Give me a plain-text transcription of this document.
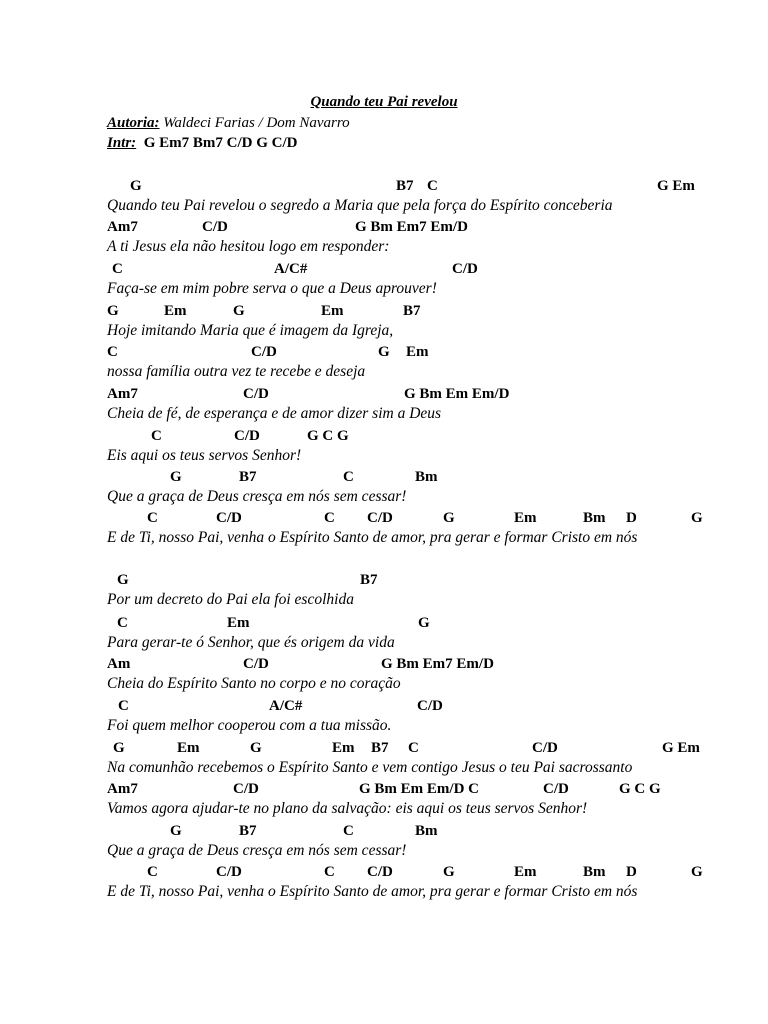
Quando teu Pai revelou
Autoria: Waldeci Farias / Dom Navarro
Intr:  G Em7 Bm7 C/D G C/D
G	B7 C	G Em
Quando teu Pai revelou o segredo a Maria que pela força do Espírito conceberia
Am7	C/D	G Bm Em7 Em/D
A ti Jesus ela não hesitou logo em responder:
C	A/C#	C/D
Faça-se em mim pobre serva o que a Deus aprouver!
G	Em	G	Em	B7
Hoje imitando Maria que é imagem da Igreja,
C	C/D	G Em
nossa família outra vez te recebe e deseja
Am7	C/D	G Bm Em Em/D
Cheia de fé, de esperança e de amor dizer sim a Deus
C	C/D	G C G
Eis aqui os teus servos Senhor!
G	B7	C	Bm
Que a graça de Deus cresça em nós sem cessar!
C	C/D	C C/D	G	Em	Bm D	G
E de Ti, nosso Pai, venha o Espírito Santo de amor, pra gerar e formar Cristo em nós
G	B7
Por um decreto do Pai ela foi escolhida
C	G
Em
Para gerar-te ó Senhor, que és origem da vida
Am	C/D	G Bm Em7 Em/D
Cheia do Espírito Santo no corpo e no coração
C	A/C#	C/D
Foi quem melhor cooperou com a tua missão.
G	Em	G	Em B7 C	C/D	G Em
Na comunhão recebemos o Espírito Santo e vem contigo Jesus o teu Pai sacrossanto
Am7	C/D	G Bm Em Em/D C	C/D	G C G
Vamos agora ajudar-te no plano da salvação: eis aqui os teus servos Senhor!
G	B7	C	Bm
Que a graça de Deus cresça em nós sem cessar!
C	C/D	C C/D	G	Em	Bm D	G
E de Ti, nosso Pai, venha o Espírito Santo de amor, pra gerar e formar Cristo em nós
